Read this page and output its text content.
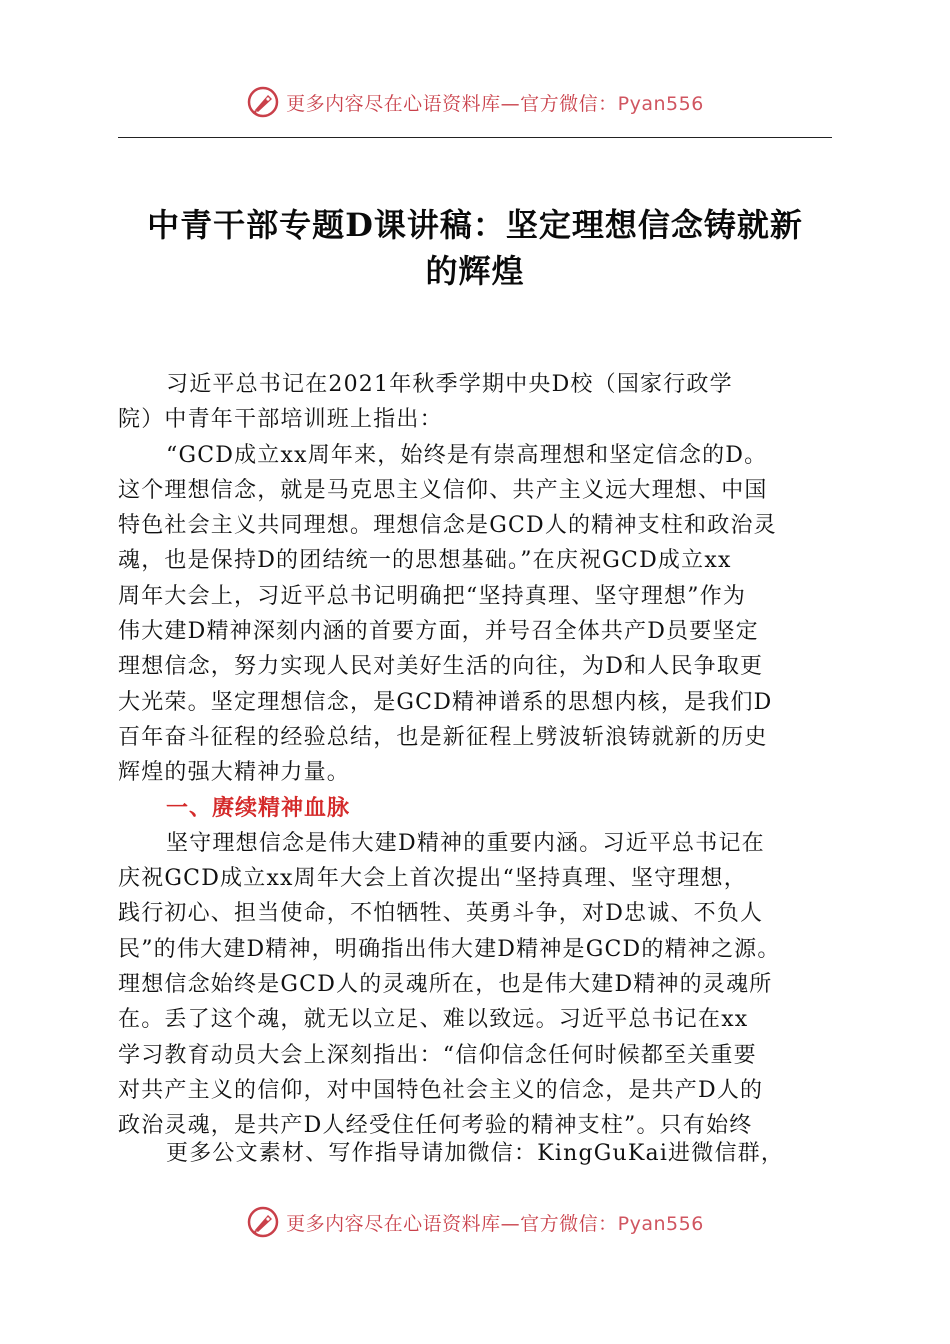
更多内容尽在心语资料库—官方微信：Pyan556
中青干部专题D课讲稿：坚定理想信念铸就新
的辉煌
习近平总书记在2021年秋季学期中央D校（国家行政学
院）中青年干部培训班上指出：
“GCD成立xx周年来，始终是有崇高理想和坚定信念的D。
这个理想信念，就是马克思主义信仰、共产主义远大理想、中国
特色社会主义共同理想。理想信念是GCD人的精神支柱和政治灵
魂，也是保持D的团结统一的思想基础。”在庆祝GCD成立xx
周年大会上，习近平总书记明确把“坚持真理、坚守理想”作为
伟大建D精神深刻内涵的首要方面，并号召全体共产D员要坚定
理想信念，努力实现人民对美好生活的向往，为D和人民争取更
大光荣。坚定理想信念，是GCD精神谱系的思想内核，是我们D
百年奋斗征程的经验总结，也是新征程上劈波斩浪铸就新的历史
辉煌的强大精神力量。
一、赓续精神血脉
坚守理想信念是伟大建D精神的重要内涵。习近平总书记在
庆祝GCD成立xx周年大会上首次提出“坚持真理、坚守理想，
践行初心、担当使命，不怕牺牲、英勇斗争，对D忠诚、不负人
民”的伟大建D精神，明确指出伟大建D精神是GCD的精神之源。
理想信念始终是GCD人的灵魂所在，也是伟大建D精神的灵魂所
在。丢了这个魂，就无以立足、难以致远。习近平总书记在xx
学习教育动员大会上深刻指出：“信仰信念任何时候都至关重要
对共产主义的信仰，对中国特色社会主义的信念，是共产D人的
政治灵魂，是共产D人经受住任何考验的精神支柱”。只有始终
更多公文素材、写作指导请加微信：KingGuKai进微信群，
更多内容尽在心语资料库—官方微信：Pyan556
